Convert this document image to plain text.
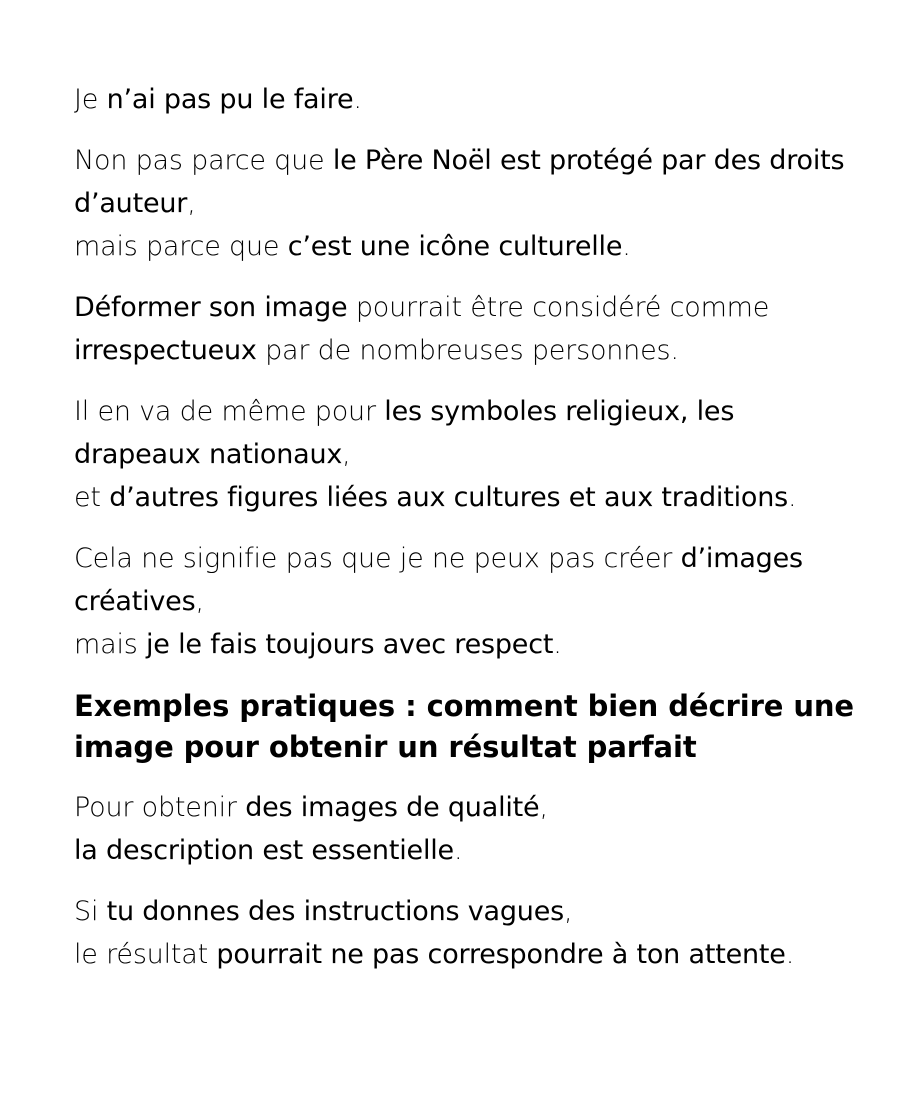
Je n’ai pas pu le faire.

Non pas parce que le Père Noël est protégé par des droits d’auteur,
mais parce que c’est une icône culturelle.

Déformer son image pourrait être considéré comme irrespectueux par de nombreuses personnes.

Il en va de même pour les symboles religieux, les drapeaux nationaux,
et d’autres figures liées aux cultures et aux traditions.

Cela ne signifie pas que je ne peux pas créer d’images créatives,
mais je le fais toujours avec respect.

Exemples pratiques : comment bien décrire une image pour obtenir un résultat parfait

Pour obtenir des images de qualité,
la description est essentielle.

Si tu donnes des instructions vagues,
le résultat pourrait ne pas correspondre à ton attente.
